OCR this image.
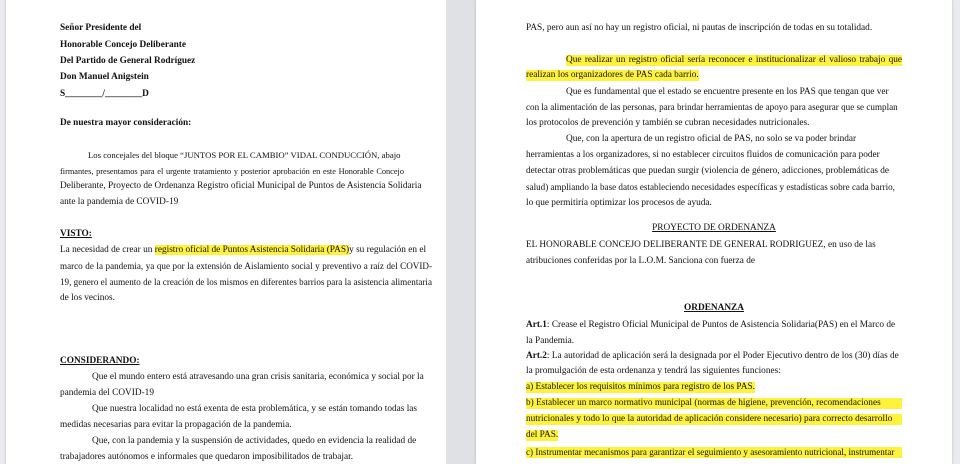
Señor Presidente del
Honorable Concejo Deliberante
Del Partido de General Rodríguez
Don Manuel Anigstein
S________/________D
De nuestra mayor consideración:
Los concejales del bloque “JUNTOS POR EL CAMBIO” VIDAL CONDUCCIÓN, abajo
firmantes, presentamos para el urgente tratamiento y posterior aprobación en este Honorable Concejo
Deliberante, Proyecto de Ordenanza Registro oficial Municipal de Puntos de Asistencia Solidaria
ante la pandemia de COVID-19
VISTO:
La necesidad de crear un registro oficial de Puntos Asistencia Solidaria (PAS)y su regulación en el
marco de la pandemia, ya que por la extensión de Aislamiento social y preventivo a raíz del COVID-
19, genero el aumento de la creación de los mismos en diferentes barrios para la asistencia alimentaria
de los vecinos.
CONSIDERANDO:
Que el mundo entero está atravesando una gran crisis sanitaria, económica y social por la
pandemia del COVID-19
Que nuestra localidad no está exenta de esta problemática, y se están tomando todas las
medidas necesarias para evitar la propagación de la pandemia.
Que, con la pandemia y la suspensión de actividades, quedo en evidencia la realidad de
trabajadores autónomos e informales que quedaron imposibilitados de trabajar.
PAS, pero aun así no hay un registro oficial, ni pautas de inscripción de todas en su totalidad.
Que realizar un registro oficial sería reconocer e institucionalizar el valioso trabajo que
realizan los organizadores de PAS cada barrio.
Que es fundamental que el estado se encuentre presente en los PAS que tengan que ver
con la alimentación de las personas, para brindar herramientas de apoyo para asegurar que se cumplan
los protocolos de prevención y también se cubran necesidades nutricionales.
Que, con la apertura de un registro oficial de PAS, no solo se va poder brindar
herramientas a los organizadores, si no establecer circuitos fluidos de comunicación para poder
detectar otras problemáticas que puedan surgir (violencia de género, adicciones, problemáticas de
salud) ampliando la base datos estableciendo necesidades específicas y estadísticas sobre cada barrio,
lo que permitiría optimizar los procesos de ayuda.
PROYECTO DE ORDENANZA
EL HONORABLE CONCEJO DELIBERANTE DE GENERAL RODRIGUEZ, en uso de las
atribuciones conferidas por la L.O.M. Sanciona con fuerza de
ORDENANZA
Art.1: Crease el Registro Oficial Municipal de Puntos de Asistencia Solidaria(PAS) en el Marco de
la Pandemia.
Art.2: La autoridad de aplicación será la designada por el Poder Ejecutivo dentro de los (30) días de
la promulgación de esta ordenanza y tendrá las siguientes funciones:
a) Establecer los requisitos mínimos para registro de los PAS.
b) Establecer un marco normativo municipal (normas de higiene, prevención, recomendaciones
nutricionales y todo lo que la autoridad de aplicación considere necesario) para correcto desarrollo
del PAS.
c) Instrumentar mecanismos para garantizar el seguimiento y asesoramiento nutricional, instrumentar
